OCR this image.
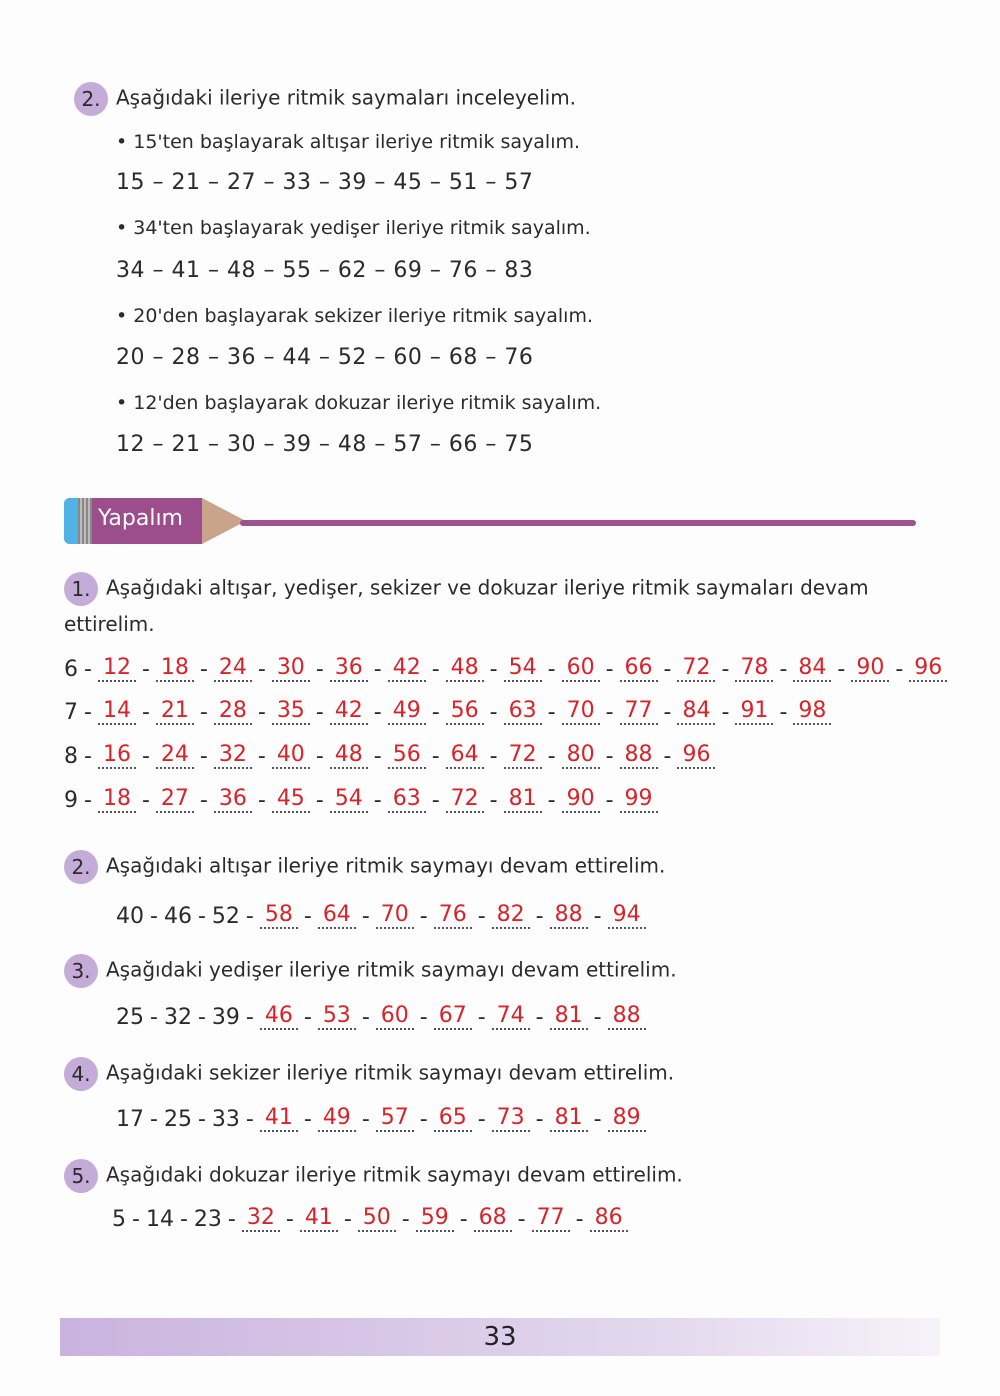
2. Aşağıdaki ileriye ritmik saymaları inceleyelim.
• 15'ten başlayarak altışar ileriye ritmik sayalım.
15 – 21 – 27 – 33 – 39 – 45 – 51 – 57
• 34'ten başlayarak yedişer ileriye ritmik sayalım.
34 – 41 – 48 – 55 – 62 – 69 – 76 – 83
• 20'den başlayarak sekizer ileriye ritmik sayalım.
20 – 28 – 36 – 44 – 52 – 60 – 68 – 76
• 12'den başlayarak dokuzar ileriye ritmik sayalım.
12 – 21 – 30 – 39 – 48 – 57 – 66 – 75
Yapalım
1. Aşağıdaki altışar, yedişer, sekizer ve dokuzar ileriye ritmik saymaları devam
ettirelim.
6 - 12 - 18 - 24 - 30 - 36 - 42 - 48 - 54 - 60 - 66 - 72 - 78 - 84 - 90 - 96
7 - 14 - 21 - 28 - 35 - 42 - 49 - 56 - 63 - 70 - 77 - 84 - 91 - 98
8 - 16 - 24 - 32 - 40 - 48 - 56 - 64 - 72 - 80 - 88 - 96
9 - 18 - 27 - 36 - 45 - 54 - 63 - 72 - 81 - 90 - 99
2. Aşağıdaki altışar ileriye ritmik saymayı devam ettirelim.
40 - 46 - 52 - 58 - 64 - 70 - 76 - 82 - 88 - 94
3. Aşağıdaki yedişer ileriye ritmik saymayı devam ettirelim.
25 - 32 - 39 - 46 - 53 - 60 - 67 - 74 - 81 - 88
4. Aşağıdaki sekizer ileriye ritmik saymayı devam ettirelim.
17 - 25 - 33 - 41 - 49 - 57 - 65 - 73 - 81 - 89
5. Aşağıdaki dokuzar ileriye ritmik saymayı devam ettirelim.
5 - 14 - 23 - 32 - 41 - 50 - 59 - 68 - 77 - 86
33
